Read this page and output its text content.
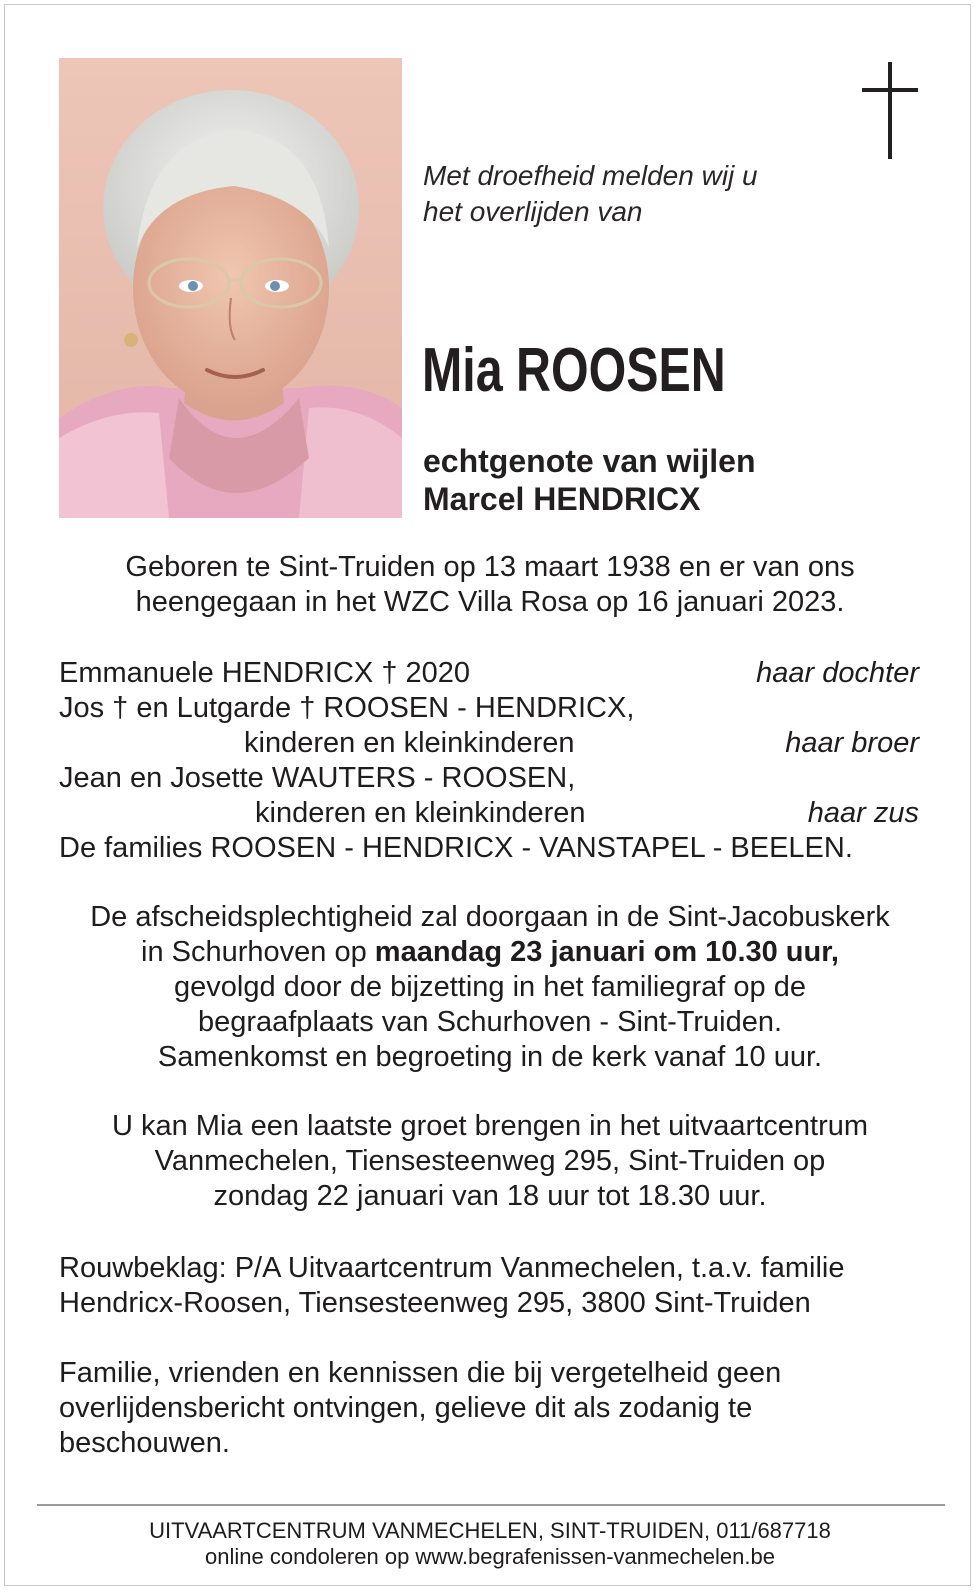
Met droefheid melden wij u
het overlijden van
Mia ROOSEN
echtgenote van wijlen
Marcel HENDRICX
Geboren te Sint-Truiden op 13 maart 1938 en er van ons
heengegaan in het WZC Villa Rosa op 16 januari 2023.
Emmanuele HENDRICX † 2020	haar dochter
Jos † en Lutgarde † ROOSEN - HENDRICX,
kinderen en kleinkinderen	haar broer
Jean en Josette WAUTERS - ROOSEN,
kinderen en kleinkinderen	haar zus
De families ROOSEN - HENDRICX - VANSTAPEL - BEELEN.
De afscheidsplechtigheid zal doorgaan in de Sint-Jacobuskerk
in Schurhoven op maandag 23 januari om 10.30 uur,
gevolgd door de bijzetting in het familiegraf op de
begraafplaats van Schurhoven - Sint-Truiden.
Samenkomst en begroeting in de kerk vanaf 10 uur.
U kan Mia een laatste groet brengen in het uitvaartcentrum
Vanmechelen, Tiensesteenweg 295, Sint-Truiden op
zondag 22 januari van 18 uur tot 18.30 uur.
Rouwbeklag: P/A Uitvaartcentrum Vanmechelen, t.a.v. familie
Hendricx-Roosen, Tiensesteenweg 295, 3800 Sint-Truiden
Familie, vrienden en kennissen die bij vergetelheid geen
overlijdensbericht ontvingen, gelieve dit als zodanig te
beschouwen.
UITVAARTCENTRUM VANMECHELEN, SINT-TRUIDEN, 011/687718
online condoleren op www.begrafenissen-vanmechelen.be
